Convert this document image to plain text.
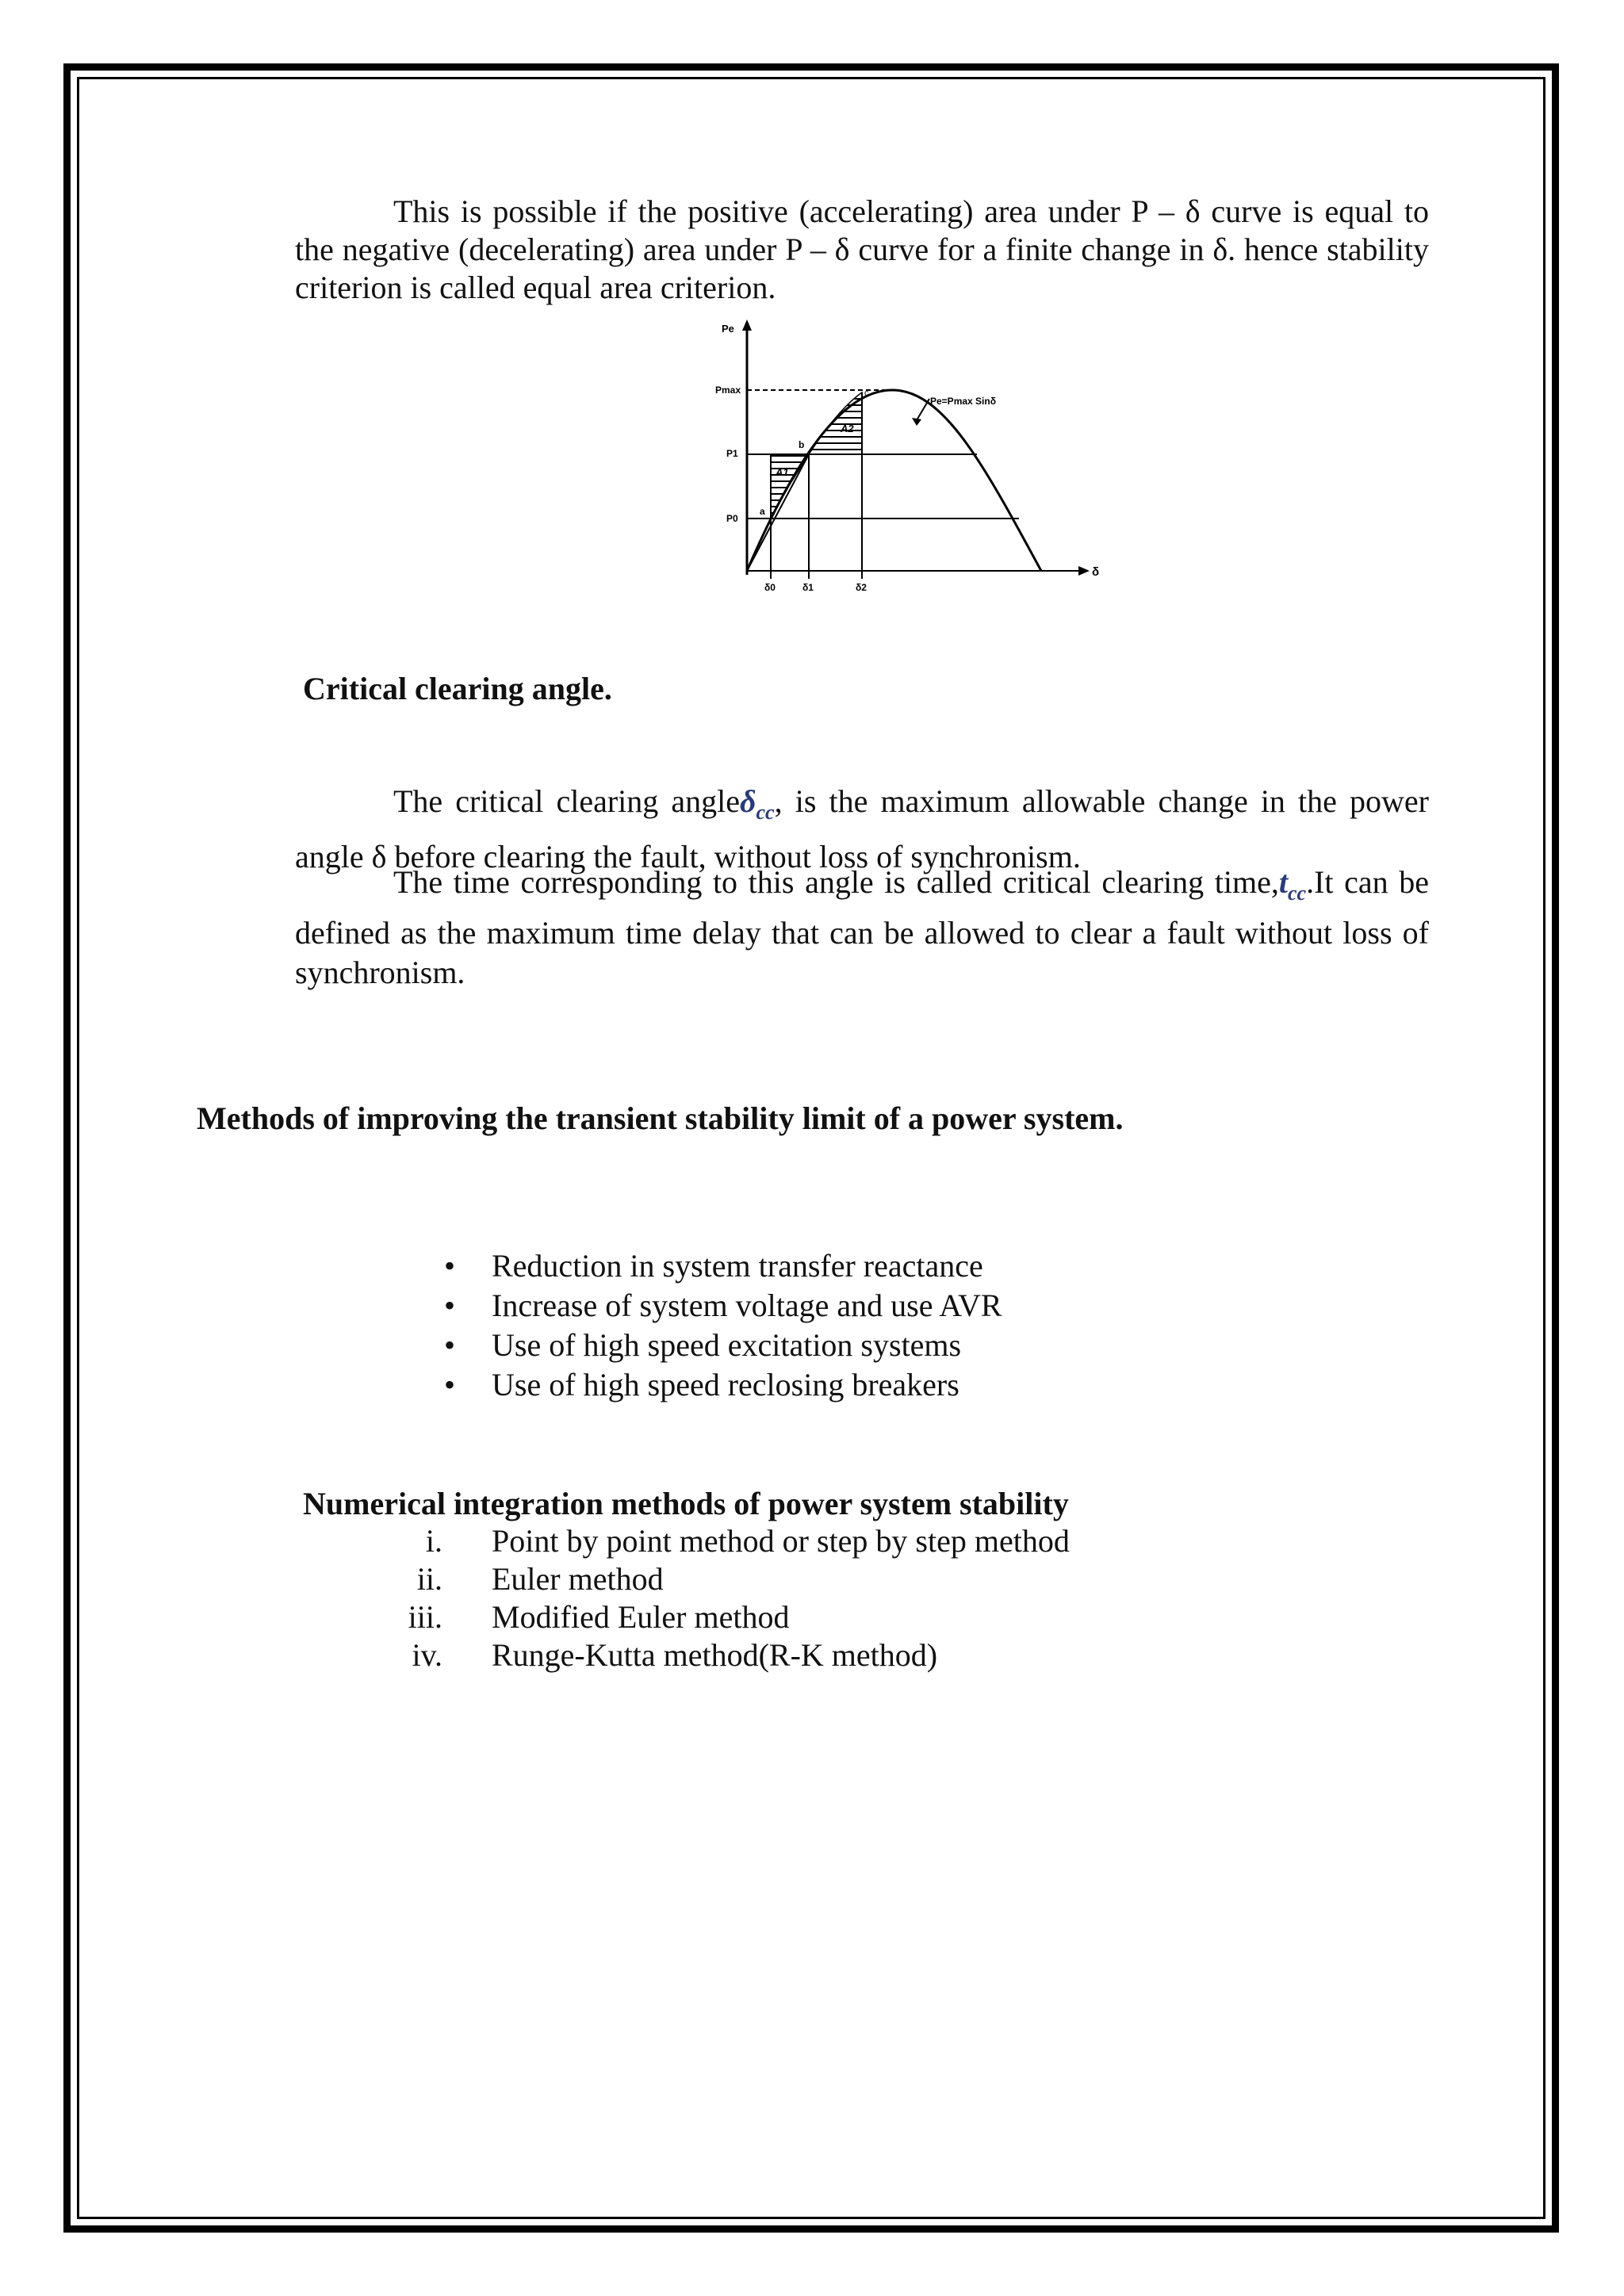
This is possible if the positive (accelerating) area under P – δ curve is equal to the negative (decelerating) area under P – δ curve for a finite change in δ. hence stability criterion is called equal area criterion.

Pe
Pmax
P1
P0
δ
δ0	δ1	δ2
a
b
c
A1
A2
Pe=Pmax Sinδ
Critical clearing angle.

The critical clearing angleδ$_{cc}$, is the maximum allowable change in the power angle δ before clearing the fault, without loss of synchronism.

The time corresponding to this angle is called critical clearing $time,t_{cc}.It$ can be defined as the maximum time delay that can be allowed to clear a fault without loss of synchronism.

Methods of improving the transient stability limit of a power system.
• Reduction in system transfer reactance
• Increase of system voltage and use AVR
• Use of high speed excitation systems
• Use of high speed reclosing breakers
Numerical integration methods of power system stability
i.	Point by point method or step by step method
ii.	Euler method
iii.	Modified Euler method
iv.	Runge-Kutta method(R-K method)
